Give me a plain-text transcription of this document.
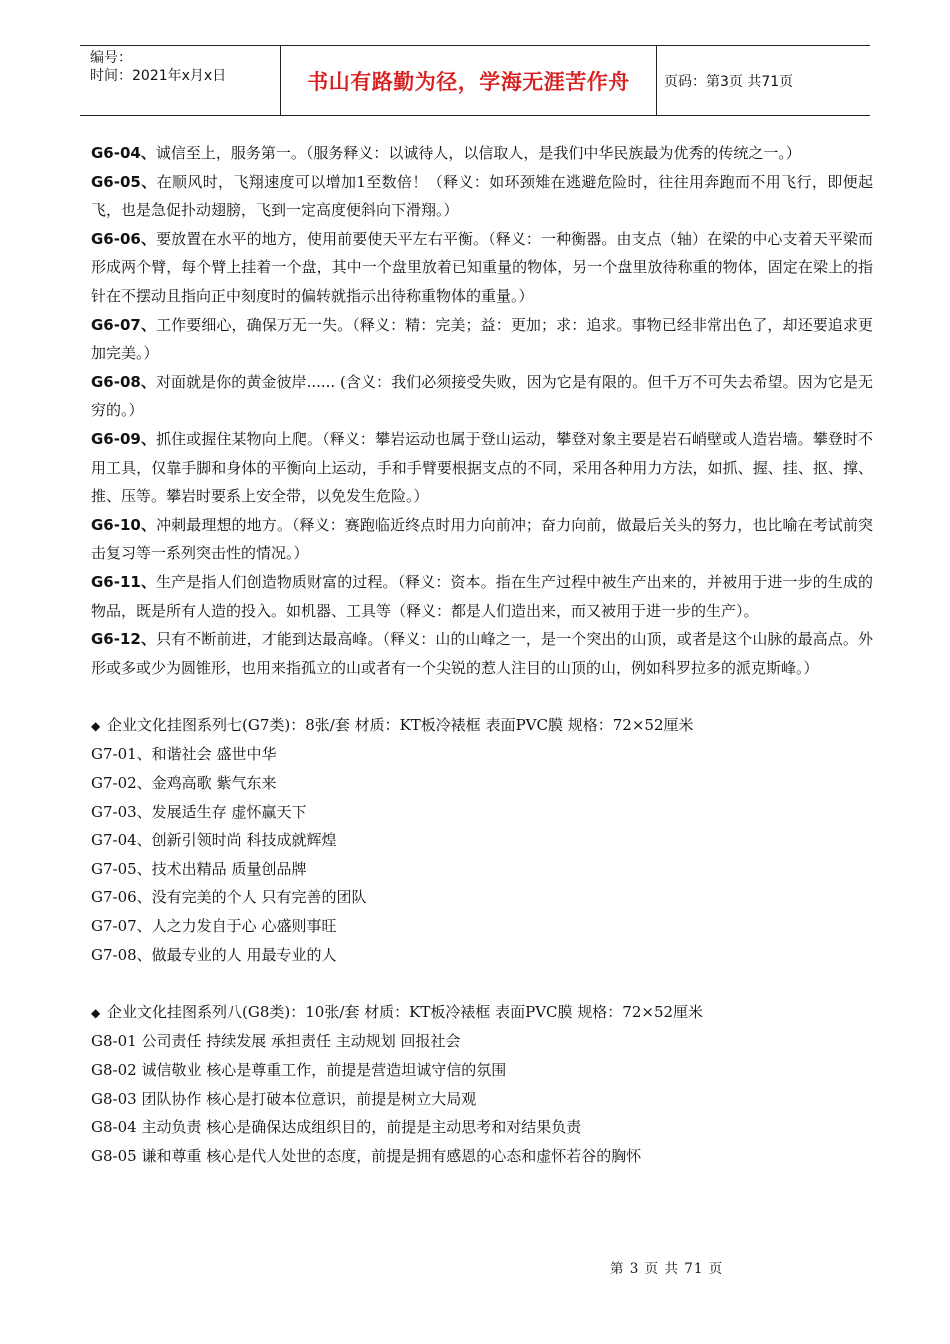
编号：
时间：2021年x月x日	书山有路勤为径，学海无涯苦作舟 页码：第3页 共71页

G6-04、诚信至上，服务第一。（服务释义：以诚待人，以信取人，是我们中华民族最为优秀的传统之一。）

G6-05、在顺风时，飞翔速度可以增加1至数倍！（释义：如环颈雉在逃避危险时，往往用奔跑而不用飞行，即便起飞，也是急促扑动翅膀，飞到一定高度便斜向下滑翔。）

G6-06、要放置在水平的地方，使用前要使天平左右平衡。（释义：一种衡器。由支点（轴）在梁的中心支着天平梁而形成两个臂，每个臂上挂着一个盘，其中一个盘里放着已知重量的物体，另一个盘里放待称重的物体，固定在梁上的指针在不摆动且指向正中刻度时的偏转就指示出待称重物体的重量。）

G6-07、工作要细心，确保万无一失。（释义：精：完美；益：更加；求：追求。事物已经非常出色了，却还要追求更加完美。）

G6-08、对面就是你的黄金彼岸...... (含义：我们必须接受失败，因为它是有限的。但千万不可失去希望。因为它是无穷的。）

G6-09、抓住或握住某物向上爬。（释义：攀岩运动也属于登山运动，攀登对象主要是岩石峭壁或人造岩墙。攀登时不用工具，仅靠手脚和身体的平衡向上运动，手和手臂要根据支点的不同，采用各种用力方法，如抓、握、挂、抠、撑、推、压等。攀岩时要系上安全带，以免发生危险。）

G6-10、冲刺最理想的地方。（释义：赛跑临近终点时用力向前冲；奋力向前，做最后关头的努力，也比喻在考试前突击复习等一系列突击性的情况。）

G6-11、生产是指人们创造物质财富的过程。（释义：资本。指在生产过程中被生产出来的，并被用于进一步的生成的物品，既是所有人造的投入。如机器、工具等（释义：都是人们造出来，而又被用于进一步的生产）。

G6-12、只有不断前进，才能到达最高峰。（释义：山的山峰之一，是一个突出的山顶，或者是这个山脉的最高点。外形或多或少为圆锥形，也用来指孤立的山或者有一个尖锐的惹人注目的山顶的山，例如科罗拉多的派克斯峰。）

◆ 企业文化挂图系列七(G7类)：8张/套 材质：KT板冷裱框 表面PVC膜 规格：72×52厘米

G7-01、和谐社会 盛世中华

G7-02、金鸡高歌 紫气东来

G7-03、发展适生存 虚怀赢天下

G7-04、创新引领时尚 科技成就辉煌

G7-05、技术出精品 质量创品牌

G7-06、没有完美的个人 只有完善的团队

G7-07、人之力发自于心 心盛则事旺

G7-08、做最专业的人 用最专业的人

◆ 企业文化挂图系列八(G8类)：10张/套 材质：KT板冷裱框 表面PVC膜 规格：72×52厘米

G8-01 公司责任 持续发展 承担责任 主动规划 回报社会

G8-02 诚信敬业 核心是尊重工作，前提是营造坦诚守信的氛围

G8-03 团队协作 核心是打破本位意识，前提是树立大局观

G8-04 主动负责 核心是确保达成组织目的，前提是主动思考和对结果负责

G8-05 谦和尊重 核心是代人处世的态度，前提是拥有感恩的心态和虚怀若谷的胸怀

第 3 页 共 71 页
